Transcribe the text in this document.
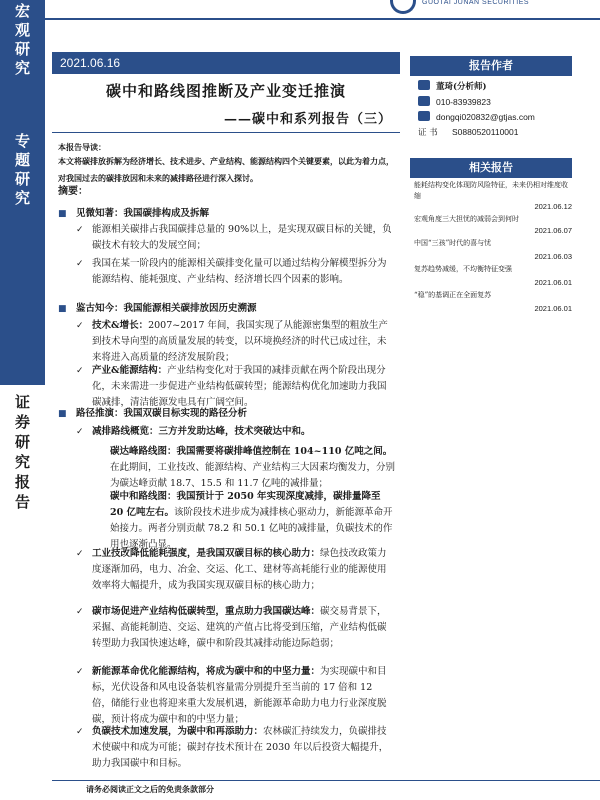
宏
观
研
究
专
题
研
究
证
券
研
究
报
告
GUOTAI JUNAN SECURITIES
2021.06.16
碳中和路线图推断及产业变迁推演
——碳中和系列报告（三）
本报告导读：
本文将碳排放拆解为经济增长、技术进步、产业结构、能源结构四个关键要素，以此为着力点，对我国过去的碳排放因和未来的减排路径进行深入探讨。
摘要：
■ 见微知著：我国碳排构成及拆解
✓ 能源相关碳排占我国碳排总量的 90%以上，是实现双碳目标的关键，负碳技术有较大的发展空间；
✓ 我国在某一阶段内的能源相关碳排变化量可以通过结构分解模型拆分为能源结构、能耗强度、产业结构、经济增长四个因素的影响。
■ 鉴古知今：我国能源相关碳排放因历史溯源
✓ 技术&增长：2007~2017 年间，我国实现了从能源密集型的粗放生产到技术导向型的高质量发展的转变，以环境换经济的时代已成过往，未来将进入高质量的经济发展阶段；
✓ 产业&能源结构：产业结构变化对于我国的减排贡献在两个阶段出现分化，未来需进一步促进产业结构低碳转型；能源结构优化加速助力我国碳减排，清洁能源发电具有广阔空间。
■ 路径推演：我国双碳目标实现的路径分析
✓ 减排路线概览：三方并发助达峰，技术突破达中和。
碳达峰路线图：我国需要将碳排峰值控制在 104~110 亿吨之间。在此期间，工业技改、能源结构、产业结构三大因素均衡发力，分别为碳达峰贡献 18.7、15.5 和 11.7 亿吨的减排量；
碳中和路线图：我国预计于 2050 年实现深度减排，碳排量降至 20 亿吨左右。该阶段技术进步成为减排核心驱动力，新能源革命开始接力。两者分别贡献 78.2 和 50.1 亿吨的减排量，负碳技术的作用也逐渐凸显。
✓ 工业技改降低能耗强度，是我国双碳目标的核心助力：绿色技改政策力度逐渐加码，电力、冶金、交运、化工、建材等高耗能行业的能源使用效率将大幅提升，成为我国实现双碳目标的核心助力；
✓ 碳市场促进产业结构低碳转型，重点助力我国碳达峰：碳交易背景下，采掘、高能耗制造、交运、建筑的产值占比将受到压缩，产业结构低碳转型助力我国快速达峰，碳中和阶段其减排动能边际趋弱；
✓ 新能源革命优化能源结构，将成为碳中和的中坚力量：为实现碳中和目标，光伏设备和风电设备装机容量需分别提升至当前的 17 倍和 12 倍，储能行业也将迎来重大发展机遇，新能源革命助力电力行业深度脱碳，预计将成为碳中和的中坚力量；
✓ 负碳技术加速发展，为碳中和再添助力：农林碳汇持续发力，负碳排技术使碳中和成为可能；碳封存技术预计在 2030 年以后投资大幅提升，助力我国碳中和目标。
报告作者
董琦(分析师)
010-83939823
dongqi020832@gtjas.com
证 书 S0880520110001
相关报告
能耗结构变化体现防风险特征，未来仍相对维度收缩
2021.06.12
宏观角度三大担忧的减弱会到何时
2021.06.07
中国“三孩”时代的喜与忧
2021.06.03
复苏趋势减缓，不均衡特征变强
2021.06.01
“稳”的基调正在全面复苏
2021.06.01
请务必阅读正文之后的免责条款部分
